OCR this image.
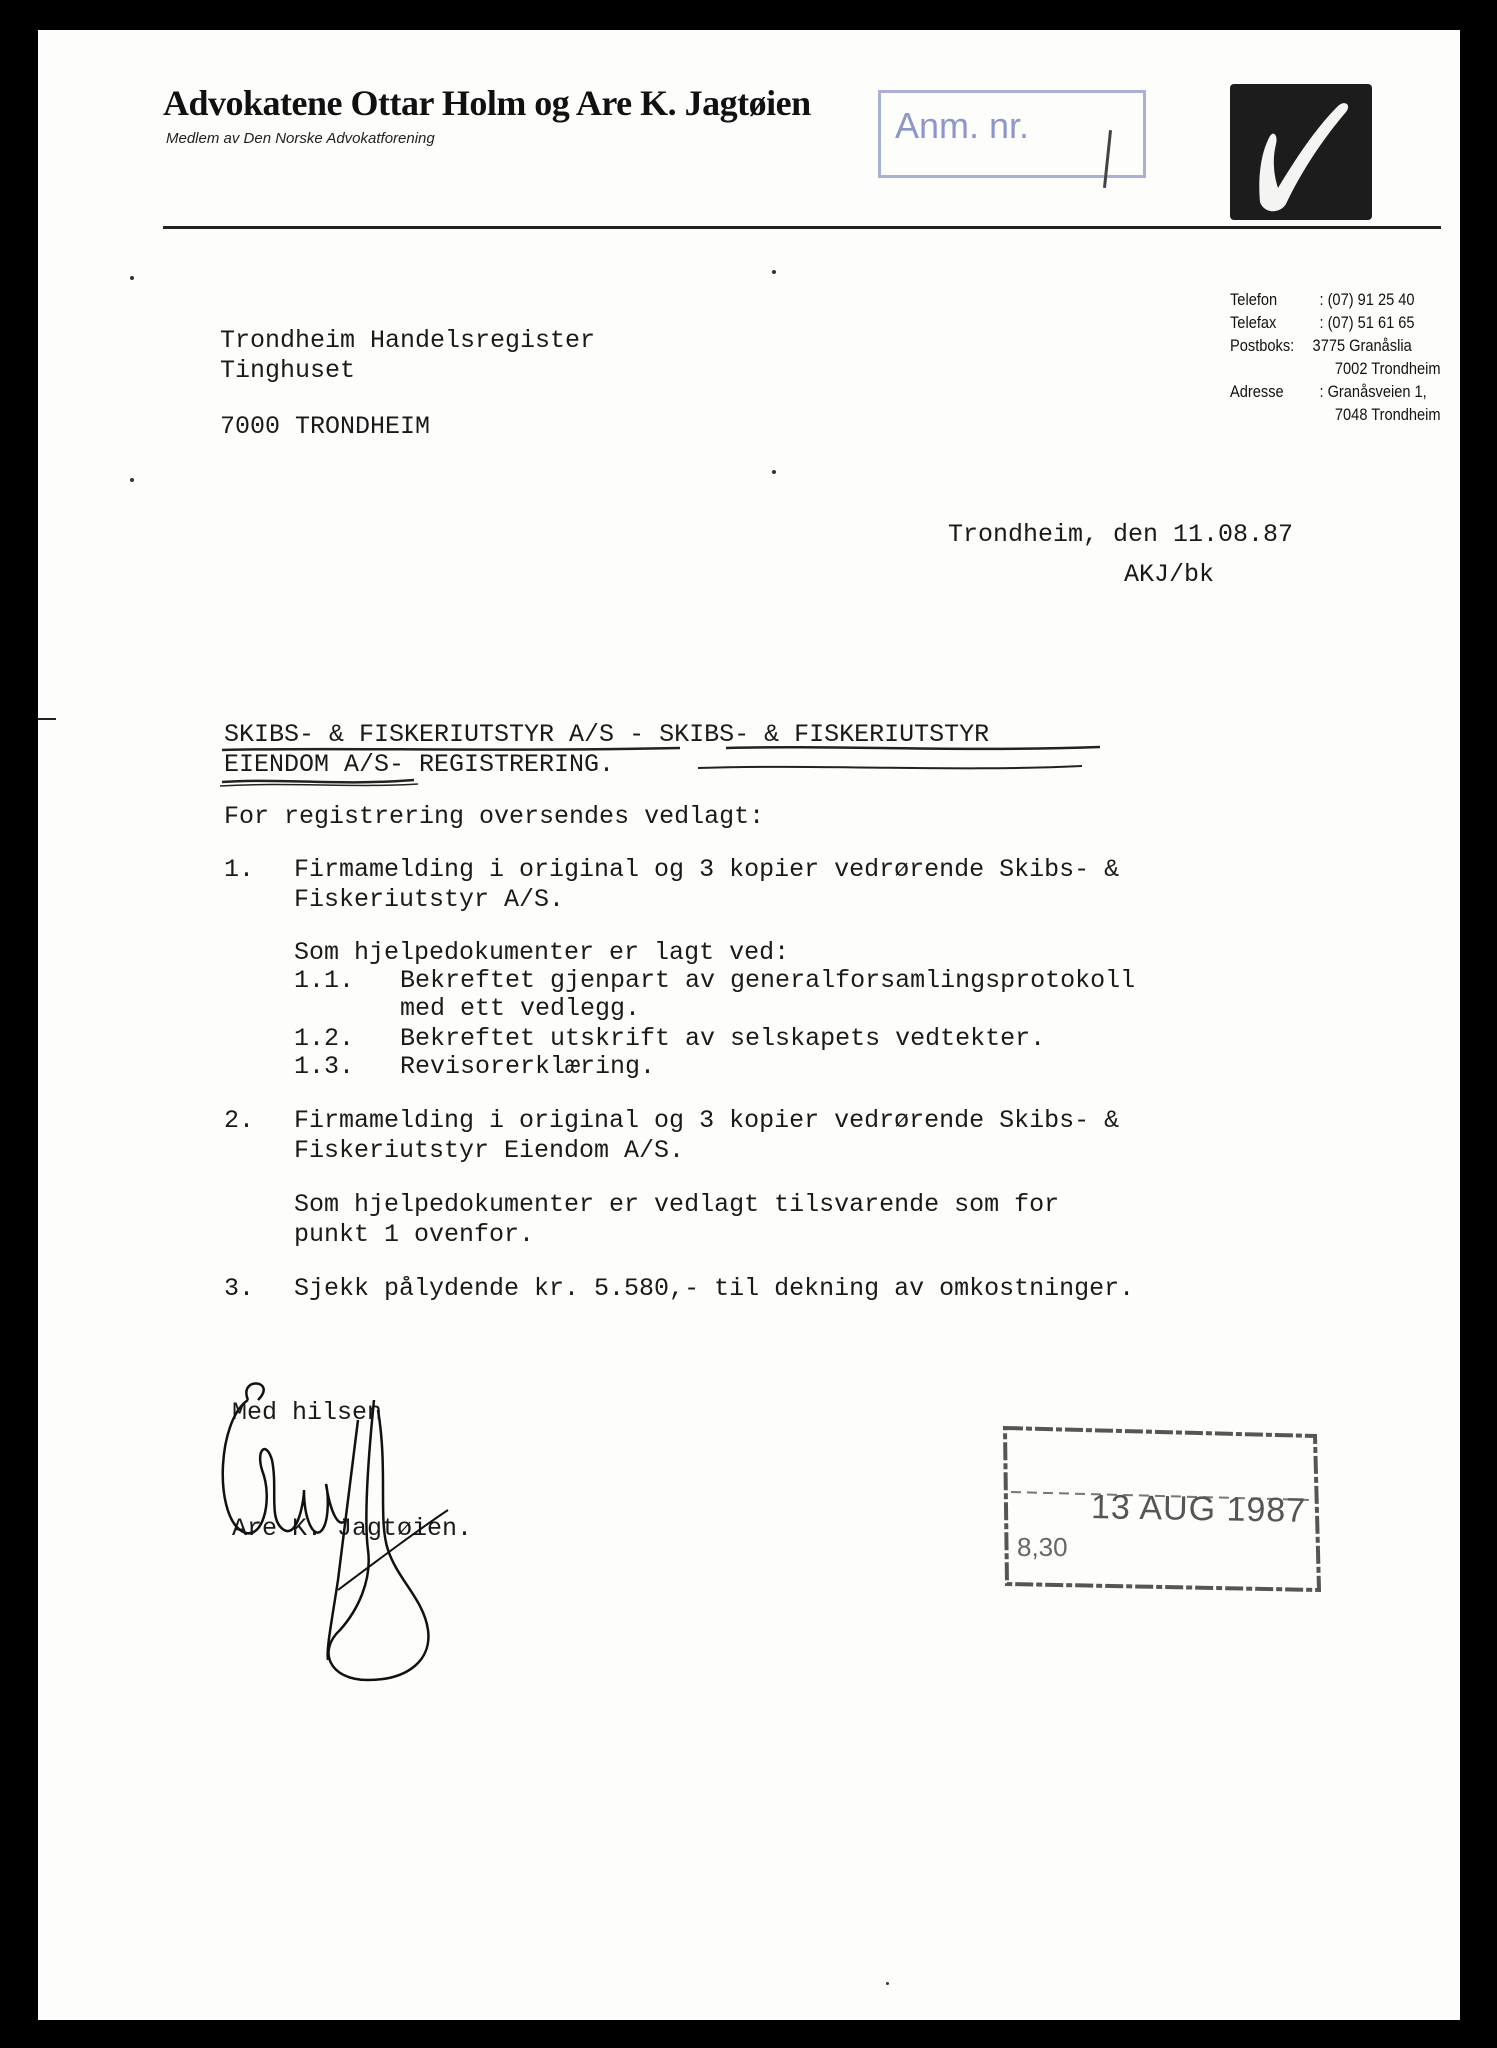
Advokatene Ottar Holm og Are K. Jagtøien
Medlem av Den Norske Advokatforening	Anm. nr.
Telefon	: (07) 91 25 40
Telefax	: (07) 51 61 65
Postboks:	3775 Granåslia
7002 Trondheim
Adresse	: Granåsveien 1,
7048 Trondheim
Trondheim Handelsregister
Tinghuset
7000 TRONDHEIM
Trondheim, den 11.08.87
AKJ/bk
SKIBS- & FISKERIUTSTYR A/S - SKIBS- & FISKERIUTSTYR
EIENDOM A/S- REGISTRERING.
For registrering oversendes vedlagt:
1. Firmamelding i original og 3 kopier vedrørende Skibs- &
Fiskeriutstyr A/S.
Som hjelpedokumenter er lagt ved:
1.1. Bekreftet gjenpart av generalforsamlingsprotokoll
med ett vedlegg.
1.2. Bekreftet utskrift av selskapets vedtekter.
1.3. Revisorerklæring.
2. Firmamelding i original og 3 kopier vedrørende Skibs- &
Fiskeriutstyr Eiendom A/S.
Som hjelpedokumenter er vedlagt tilsvarende som for
punkt 1 ovenfor.
3. Sjekk pålydende kr. 5.580,- til dekning av omkostninger.
Med hilsen
Are K. Jagtøien.	13 AUG 1987
8,30
